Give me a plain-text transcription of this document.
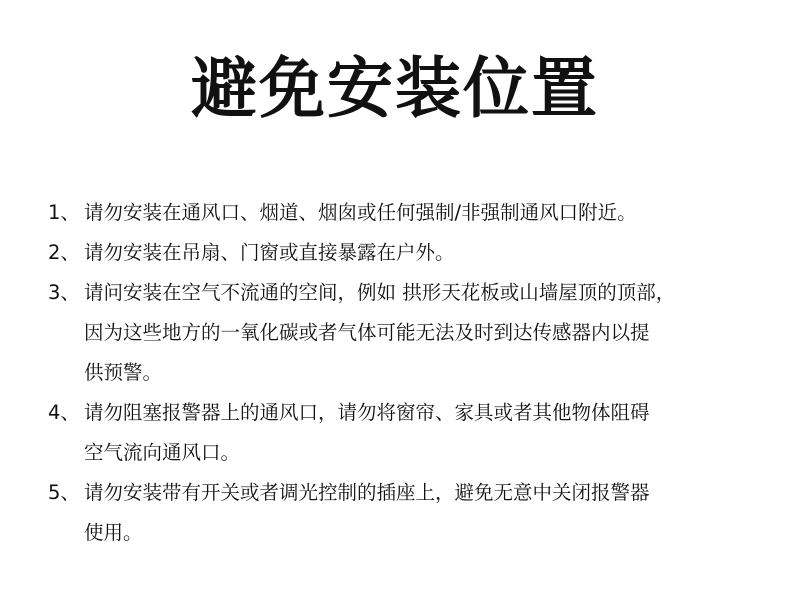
避免安装位置
1、 请勿安装在通风口、烟道、烟囱或任何强制/非强制通风口附近。
2、 请勿安装在吊扇、门窗或直接暴露在户外。
3、 请问安装在空气不流通的空间，例如 拱形天花板或山墙屋顶的顶部，
因为这些地方的一氧化碳或者气体可能无法及时到达传感器内以提
供预警。
4、 请勿阻塞报警器上的通风口，请勿将窗帘、家具或者其他物体阻碍
空气流向通风口。
5、 请勿安装带有开关或者调光控制的插座上，避免无意中关闭报警器
使用。
